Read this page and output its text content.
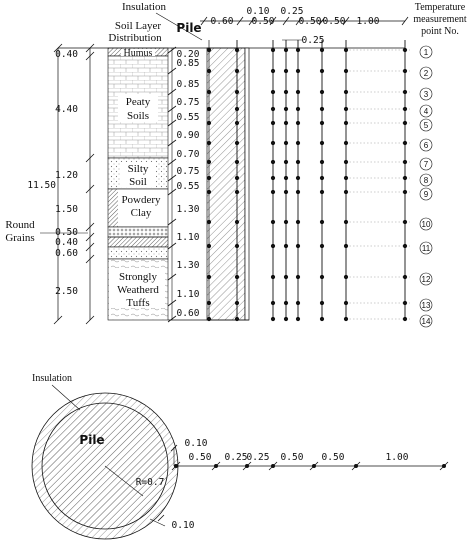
Insulation
Soil Layer
Distribution
Pile
Temperature
measurement
point No.
0.60
0.10
0.50
0.25
0.50 0.50 1.00
0.25
Humus
Peaty
Soils
Silty
Soil
Powdery
Clay
Strongly
Weatherd
Tuffs
0.40
4.40
1.20
1.50
0.50
0.40
0.60
2.50
11.50
Round
Grains
0.20
0.85
0.85
0.75
0.55
0.90
0.70
0.75
0.55
1.30
1.10
1.30
1.10
0.60
1
2
3
4
5
6
7
8
9
10
11
12
13
14
Insulation
Pile
R=0.7
0.10
0.10
0.50 0.25 0.25 0.50 0.50	1.00
